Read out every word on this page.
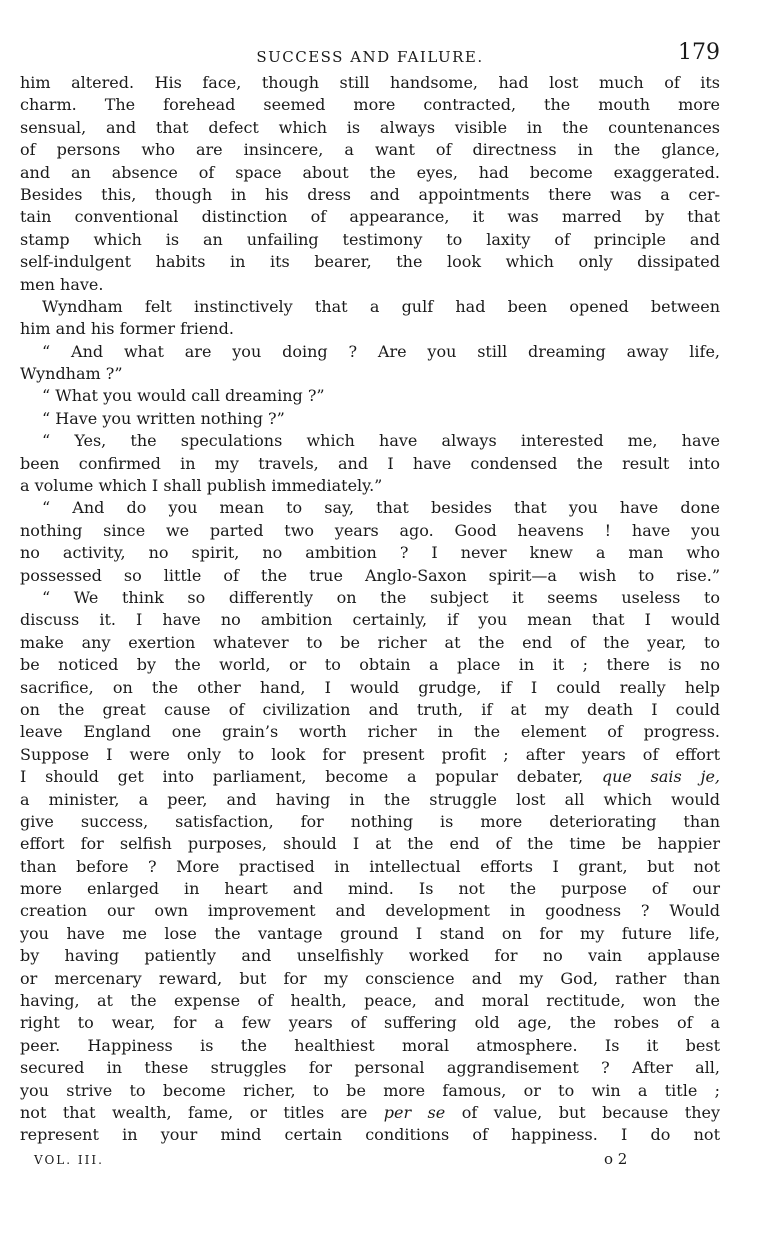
SUCCESS AND FAILURE.	179
him altered. His face, though still handsome, had lost much of its
charm. The forehead seemed more contracted, the mouth more
sensual, and that defect which is always visible in the countenances
of persons who are insincere, a want of directness in the glance,
and an absence of space about the eyes, had become exaggerated.
Besides this, though in his dress and appointments there was a cer-
tain conventional distinction of appearance, it was marred by that
stamp which is an unfailing testimony to laxity of principle and
self-indulgent habits in its bearer, the look which only dissipated
men have.
Wyndham felt instinctively that a gulf had been opened between
him and his former friend.
“ And what are you doing ? Are you still dreaming away life,
Wyndham ?”
“ What you would call dreaming ?”
“ Have you written nothing ?”
“ Yes, the speculations which have always interested me, have
been confirmed in my travels, and I have condensed the result into
a volume which I shall publish immediately.”
“ And do you mean to say, that besides that you have done
nothing since we parted two years ago. Good heavens ! have you
no activity, no spirit, no ambition ? I never knew a man who
possessed so little of the true Anglo-Saxon spirit—a wish to rise.”
“ We think so differently on the subject it seems useless to
discuss it. I have no ambition certainly, if you mean that I would
make any exertion whatever to be richer at the end of the year, to
be noticed by the world, or to obtain a place in it ; there is no
sacrifice, on the other hand, I would grudge, if I could really help
on the great cause of civilization and truth, if at my death I could
leave England one grain’s worth richer in the element of progress.
Suppose I were only to look for present profit ; after years of effort
I should get into parliament, become a popular debater, que sais je,
a minister, a peer, and having in the struggle lost all which would
give success, satisfaction, for nothing is more deteriorating than
effort for selfish purposes, should I at the end of the time be happier
than before ? More practised in intellectual efforts I grant, but not
more enlarged in heart and mind. Is not the purpose of our
creation our own improvement and development in goodness ? Would
you have me lose the vantage ground I stand on for my future life,
by having patiently and unselfishly worked for no vain applause
or mercenary reward, but for my conscience and my God, rather than
having, at the expense of health, peace, and moral rectitude, won the
right to wear, for a few years of suffering old age, the robes of a
peer. Happiness is the healthiest moral atmosphere. Is it best
secured in these struggles for personal aggrandisement ? After all,
you strive to become richer, to be more famous, or to win a title ;
not that wealth, fame, or titles are per se of value, but because they
represent in your mind certain conditions of happiness. I do not
VOL. III.	o 2
